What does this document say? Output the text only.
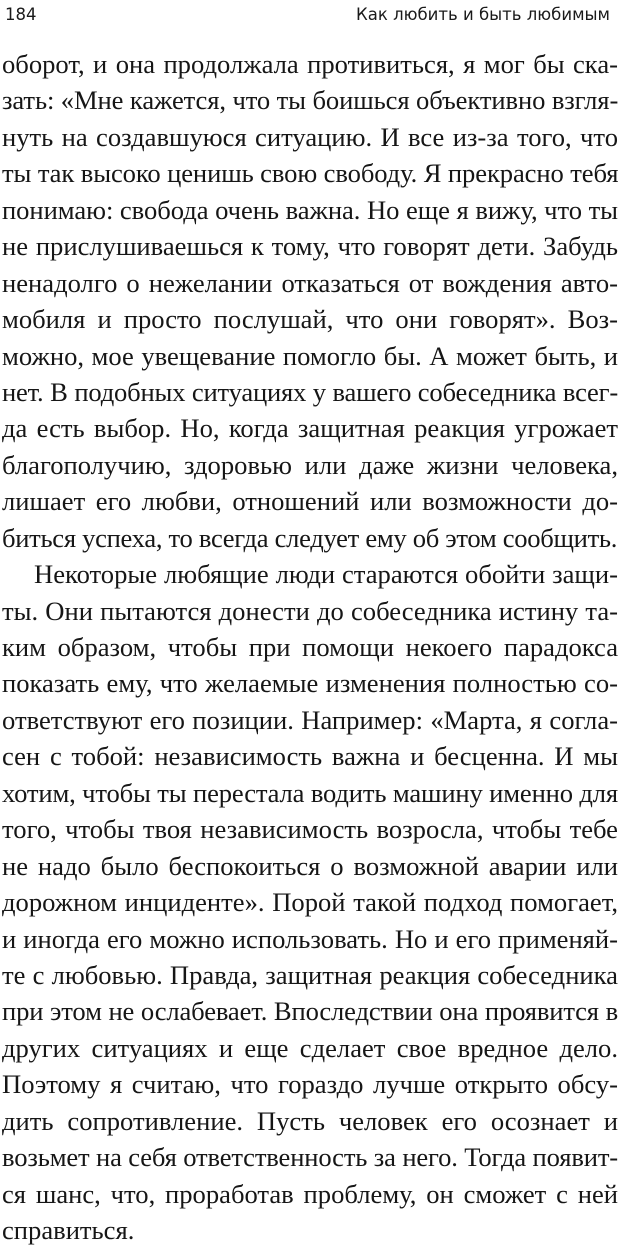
184	Как любить и быть любимым
оборот, и она продолжала противиться, я мог бы ска-
зать: «Мне кажется, что ты боишься объективно взгля-
нуть на создавшуюся ситуацию. И все из-за того, что
ты так высоко ценишь свою свободу. Я прекрасно тебя
понимаю: свобода очень важна. Но еще я вижу, что ты
не прислушиваешься к тому, что говорят дети. Забудь
ненадолго о нежелании отказаться от вождения авто-
мобиля и просто послушай, что они говорят». Воз-
можно, мое увещевание помогло бы. А может быть, и
нет. В подобных ситуациях у вашего собеседника всег-
да есть выбор. Но, когда защитная реакция угрожает
благополучию, здоровью или даже жизни человека,
лишает его любви, отношений или возможности до-
биться успеха, то всегда следует ему об этом сообщить.
Некоторые любящие люди стараются обойти защи-
ты. Они пытаются донести до собеседника истину та-
ким образом, чтобы при помощи некоего парадокса
показать ему, что желаемые изменения полностью со-
ответствуют его позиции. Например: «Марта, я согла-
сен с тобой: независимость важна и бесценна. И мы
хотим, чтобы ты перестала водить машину именно для
того, чтобы твоя независимость возросла, чтобы тебе
не надо было беспокоиться о возможной аварии или
дорожном инциденте». Порой такой подход помогает,
и иногда его можно использовать. Но и его применяй-
те с любовью. Правда, защитная реакция собеседника
при этом не ослабевает. Впоследствии она проявится в
других ситуациях и еще сделает свое вредное дело.
Поэтому я считаю, что гораздо лучше открыто обсу-
дить сопротивление. Пусть человек его осознает и
возьмет на себя ответственность за него. Тогда появит-
ся шанс, что, проработав проблему, он сможет с ней
справиться.
